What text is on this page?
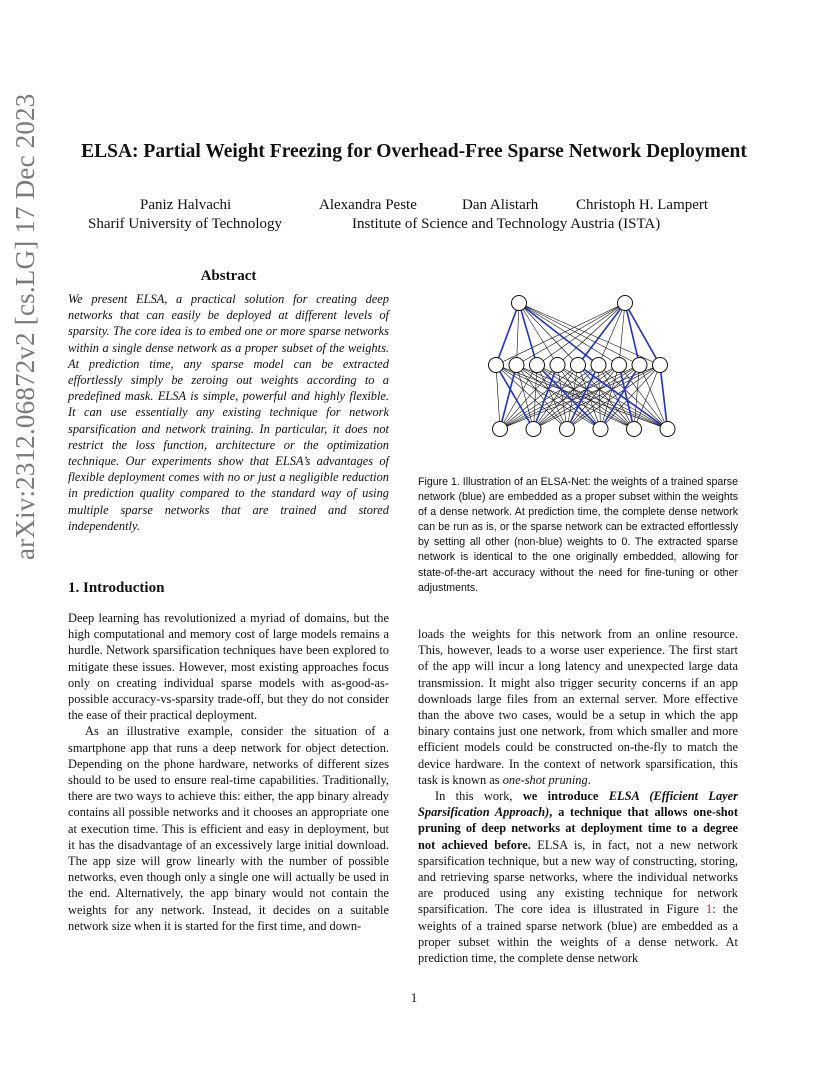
arXiv:2312.06872v2 [cs.LG] 17 Dec 2023	ELSA: Partial Weight Freezing for Overhead-Free Sparse Network Deployment
Paniz Halvachi
Sharif University of Technology
Alexandra Peste	Dan Alistarh	Christoph H. Lampert
Institute of Science and Technology Austria (ISTA)
Abstract

We present ELSA, a practical solution for creating deep networks that can easily be deployed at different levels of sparsity. The core idea is to embed one or more sparse networks within a single dense network as a proper subset of the weights. At prediction time, any sparse model can be extracted effortlessly simply be zeroing out weights according to a predefined mask. ELSA is simple, powerful and highly flexible. It can use essentially any existing technique for network sparsification and network training. In particular, it does not restrict the loss function, architecture or the optimization technique. Our experiments show that ELSA’s advantages of flexible deployment comes with no or just a negligible reduction in prediction quality compared to the standard way of using multiple sparse networks that are trained and stored independently.

Figure 1. Illustration of an ELSA-Net: the weights of a trained sparse network (blue) are embedded as a proper subset within the weights of a dense network. At prediction time, the complete dense network can be run as is, or the sparse network can be extracted effortlessly by setting all other (non-blue) weights to 0. The extracted sparse network is identical to the one originally embedded, allowing for state-of-the-art accuracy without the need for fine-tuning or other adjustments.

1. Introduction

Deep learning has revolutionized a myriad of domains, but the high computational and memory cost of large models remains a hurdle. Network sparsification techniques have been explored to mitigate these issues. However, most existing approaches focus only on creating individual sparse models with as-good-as-possible accuracy-vs-sparsity trade-off, but they do not consider the ease of their practical deployment.

As an illustrative example, consider the situation of a smartphone app that runs a deep network for object detection. Depending on the phone hardware, networks of different sizes should to be used to ensure real-time capabilities. Traditionally, there are two ways to achieve this: either, the app binary already contains all possible networks and it chooses an appropriate one at execution time. This is efficient and easy in deployment, but it has the disadvantage of an excessively large initial download. The app size will grow linearly with the number of possible networks, even though only a single one will actually be used in the end. Alternatively, the app binary would not contain the weights for any network. Instead, it decides on a suitable network size when it is started for the first time, and down-

loads the weights for this network from an online resource. This, however, leads to a worse user experience. The first start of the app will incur a long latency and unexpected large data transmission. It might also trigger security concerns if an app downloads large files from an external server. More effective than the above two cases, would be a setup in which the app binary contains just one network, from which smaller and more efficient models could be constructed on-the-fly to match the device hardware. In the context of network sparsification, this task is known as one-shot pruning.

In this work, we introduce ELSA (Efficient Layer Sparsification Approach), a technique that allows one-shot pruning of deep networks at deployment time to a degree not achieved before. ELSA is, in fact, not a new network sparsification technique, but a new way of constructing, storing, and retrieving sparse networks, where the individual networks are produced using any existing technique for network sparsification. The core idea is illustrated in Figure 1: the weights of a trained sparse network (blue) are embedded as a proper subset within the weights of a dense network. At prediction time, the complete dense network

1
